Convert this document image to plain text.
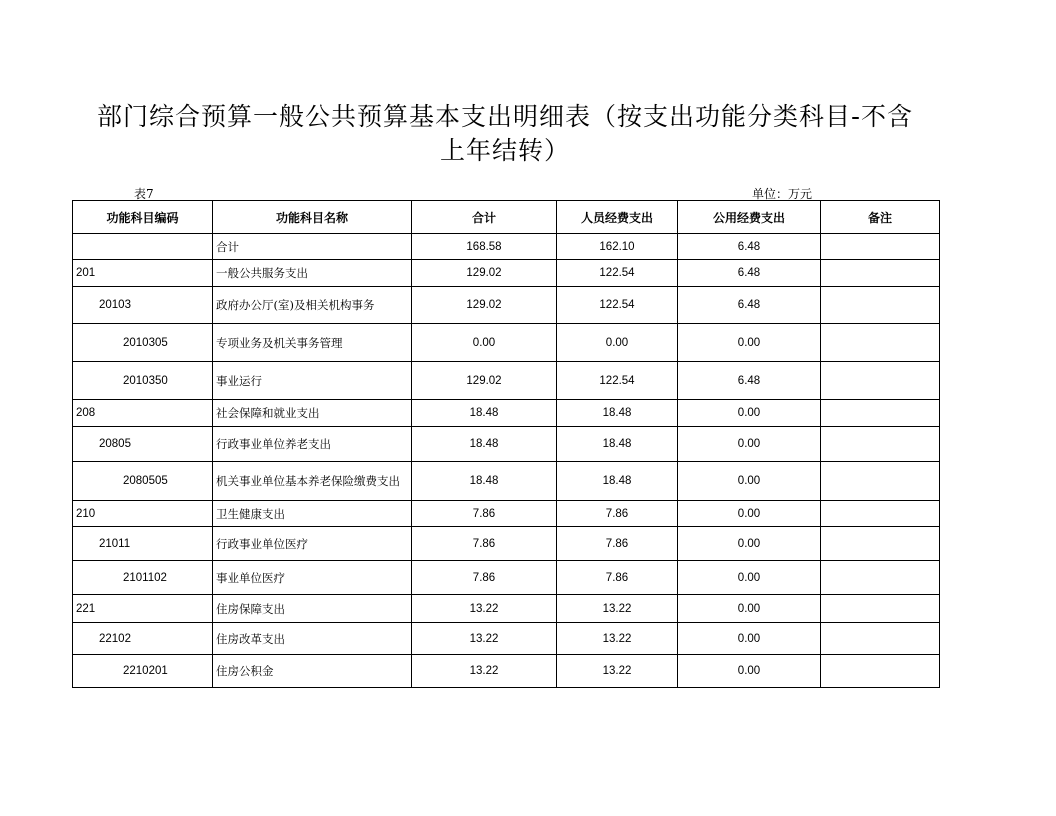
部门综合预算一般公共预算基本支出明细表（按支出功能分类科目-不含
上年结转）
表7	单位：万元
功能科目编码	功能科目名称	合计	人员经费支出	公用经费支出	备注
	合计	168.58	162.10	6.48	
201	一般公共服务支出	129.02	122.54	6.48	
20103	政府办公厅(室)及相关机构事务	129.02	122.54	6.48	
2010305	专项业务及机关事务管理	0.00	0.00	0.00	
2010350	事业运行	129.02	122.54	6.48	
208	社会保障和就业支出	18.48	18.48	0.00	
20805	行政事业单位养老支出	18.48	18.48	0.00	
2080505	机关事业单位基本养老保险缴费支出	18.48	18.48	0.00	
210	卫生健康支出	7.86	7.86	0.00	
21011	行政事业单位医疗	7.86	7.86	0.00	
2101102	事业单位医疗	7.86	7.86	0.00	
221	住房保障支出	13.22	13.22	0.00	
22102	住房改革支出	13.22	13.22	0.00	
2210201	住房公积金	13.22	13.22	0.00	
